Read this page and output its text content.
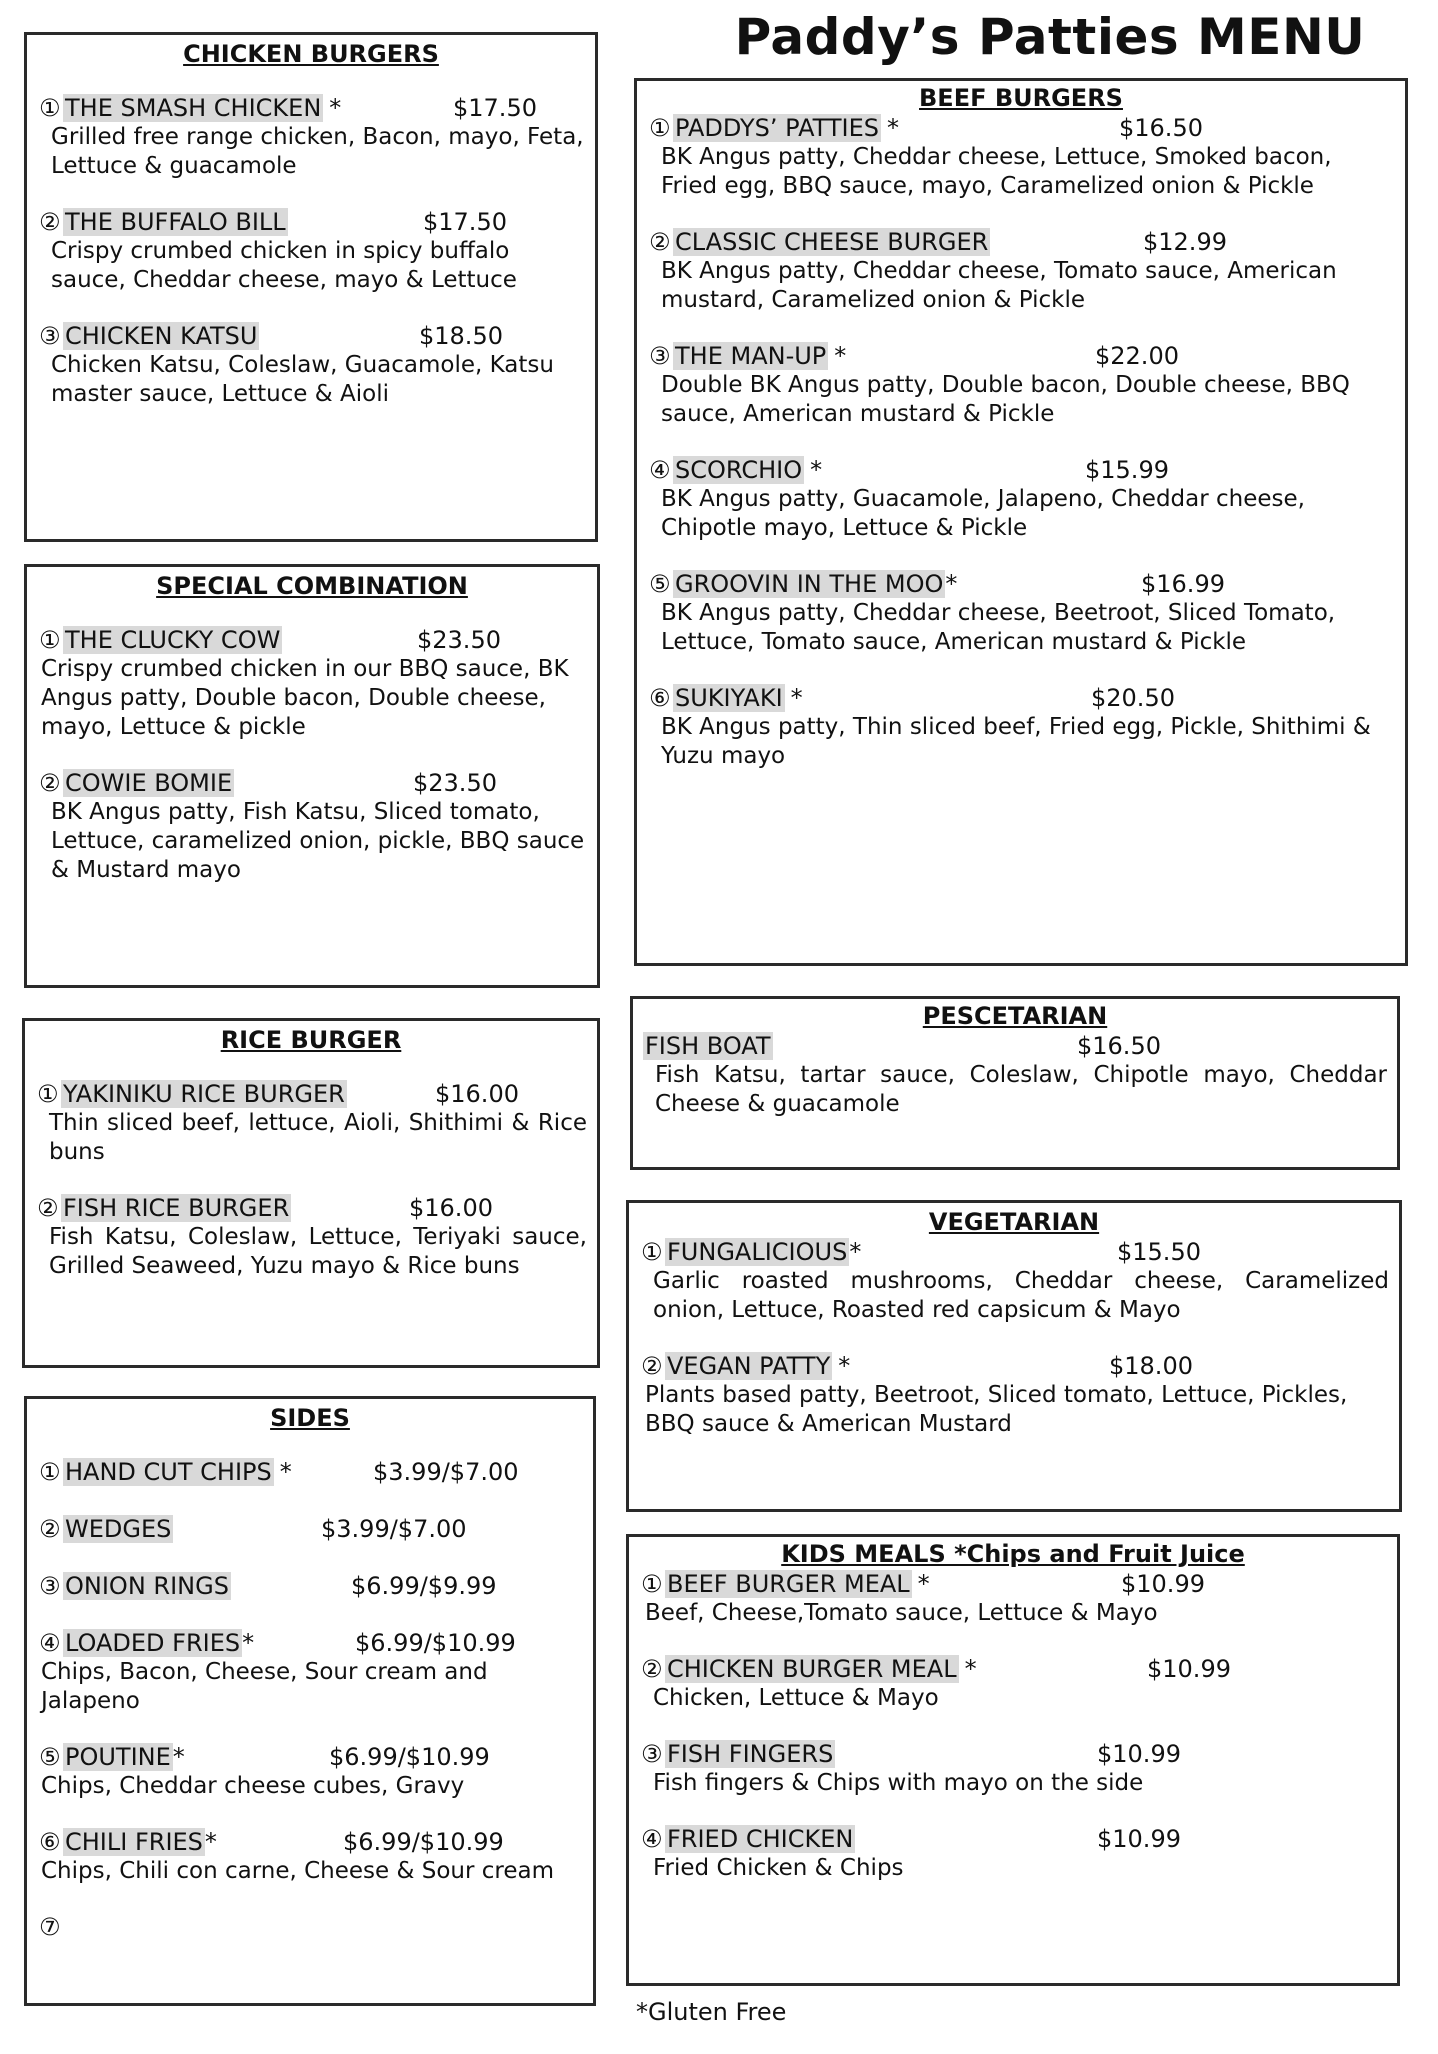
Paddy’s Patties MENU
CHICKEN BURGERS
① THE SMASH CHICKEN *	$17.50
Grilled free range chicken, Bacon, mayo, Feta, Lettuce & guacamole
② THE BUFFALO BILL	$17.50
Crispy crumbed chicken in spicy buffalo sauce, Cheddar cheese, mayo & Lettuce
③ CHICKEN KATSU	$18.50
Chicken Katsu, Coleslaw, Guacamole, Katsu master sauce, Lettuce & Aioli
SPECIAL COMBINATION
① THE CLUCKY COW	$23.50
Crispy crumbed chicken in our BBQ sauce, BK Angus patty, Double bacon, Double cheese, mayo, Lettuce & pickle
② COWIE BOMIE	$23.50
BK Angus patty, Fish Katsu, Sliced tomato, Lettuce, caramelized onion, pickle, BBQ sauce & Mustard mayo
RICE BURGER
① YAKINIKU RICE BURGER	$16.00
Thin sliced beef, lettuce, Aioli, Shithimi & Rice buns
② FISH RICE BURGER	$16.00
Fish Katsu, Coleslaw, Lettuce, Teriyaki sauce, Grilled Seaweed, Yuzu mayo & Rice buns
SIDES
① HAND CUT CHIPS *	$3.99/$7.00
② WEDGES	$3.99/$7.00
③ ONION RINGS	$6.99/$9.99
④ LOADED FRIES*	$6.99/$10.99
Chips, Bacon, Cheese, Sour cream and Jalapeno
⑤ POUTINE*	$6.99/$10.99
Chips, Cheddar cheese cubes, Gravy
⑥ CHILI FRIES*	$6.99/$10.99
Chips, Chili con carne, Cheese & Sour cream
⑦
BEEF BURGERS
① PADDYS’ PATTIES *	$16.50
BK Angus patty, Cheddar cheese, Lettuce, Smoked bacon, Fried egg, BBQ sauce, mayo, Caramelized onion & Pickle
② CLASSIC CHEESE BURGER	$12.99
BK Angus patty, Cheddar cheese, Tomato sauce, American mustard, Caramelized onion & Pickle
③ THE MAN-UP *	$22.00
Double BK Angus patty, Double bacon, Double cheese, BBQ sauce, American mustard & Pickle
④ SCORCHIO *	$15.99
BK Angus patty, Guacamole, Jalapeno, Cheddar cheese, Chipotle mayo, Lettuce & Pickle
⑤ GROOVIN IN THE MOO*	$16.99
BK Angus patty, Cheddar cheese, Beetroot, Sliced Tomato, Lettuce, Tomato sauce, American mustard & Pickle
⑥ SUKIYAKI *	$20.50
BK Angus patty, Thin sliced beef, Fried egg, Pickle, Shithimi & Yuzu mayo
PESCETARIAN
FISH BOAT	$16.50
Fish Katsu, tartar sauce, Coleslaw, Chipotle mayo, Cheddar Cheese & guacamole
VEGETARIAN
① FUNGALICIOUS*	$15.50
Garlic roasted mushrooms, Cheddar cheese, Caramelized onion, Lettuce, Roasted red capsicum & Mayo
② VEGAN PATTY *	$18.00
Plants based patty, Beetroot, Sliced tomato, Lettuce, Pickles, BBQ sauce & American Mustard
KIDS MEALS *Chips and Fruit Juice
① BEEF BURGER MEAL *	$10.99
Beef, Cheese,Tomato sauce, Lettuce & Mayo
② CHICKEN BURGER MEAL *	$10.99
Chicken, Lettuce & Mayo
③ FISH FINGERS	$10.99
Fish fingers & Chips with mayo on the side
④ FRIED CHICKEN	$10.99
Fried Chicken & Chips
*Gluten Free
